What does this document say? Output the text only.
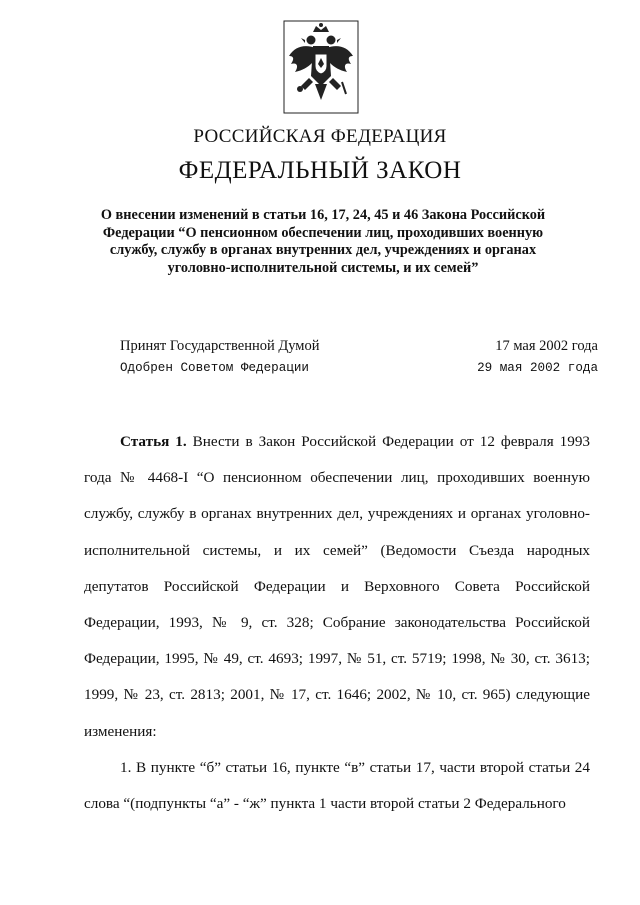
РОССИЙСКАЯ ФЕДЕРАЦИЯ
ФЕДЕРАЛЬНЫЙ ЗАКОН
О внесении изменений в статьи 16, 17, 24, 45 и 46 Закона Российской
Федерации “О пенсионном обеспечении лиц, проходивших военную
службу, службу в органах внутренних дел, учреждениях и органах
уголовно-исполнительной системы, и их семей”
Принят Государственной Думой	17 мая 2002 года
Одобрен Советом Федерации	29 мая 2002 года

Статья 1. Внести в Закон Российской Федерации от 12 февраля 1993 года № 4468-I “О пенсионном обеспечении лиц, проходивших военную службу, службу в органах внутренних дел, учреждениях и органах уголовно-исполнительной системы, и их семей” (Ведомости Съезда народных депутатов Российской Федерации и Верховного Совета Российской Федерации, 1993, № 9, ст. 328; Собрание законодательства Российской Федерации, 1995, № 49, ст. 4693; 1997, № 51, ст. 5719; 1998, № 30, ст. 3613; 1999, № 23, ст. 2813; 2001, № 17, ст. 1646; 2002, № 10, ст. 965) следующие изменения:

1. В пункте “б” статьи 16, пункте “в” статьи 17, части второй статьи 24 слова “(подпункты “а” - “ж” пункта 1 части второй статьи 2 Федерального
